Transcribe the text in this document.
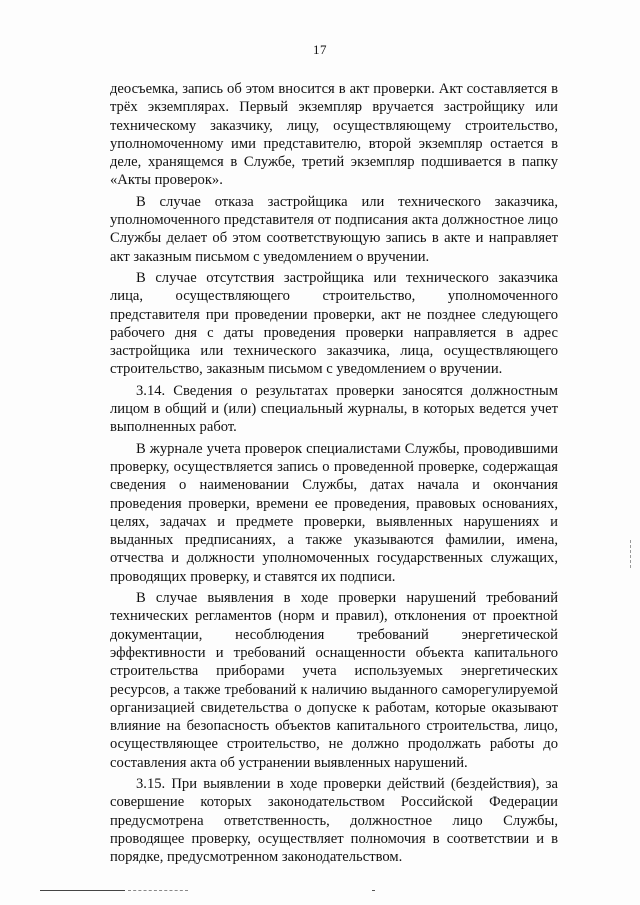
17

деосъемка, запись об этом вносится в акт проверки. Акт составляется в трёх экземплярах. Первый экземпляр вручается застройщику или техническому заказчику, лицу, осуществляющему строительство, уполномоченному ими представителю, второй экземпляр остается в деле, хранящемся в Службе, третий экземпляр подшивается в папку «Акты проверок».

В случае отказа застройщика или технического заказчика, уполномоченного представителя от подписания акта должностное лицо Службы делает об этом соответствующую запись в акте и направляет акт заказным письмом с уведомлением о вручении.

В случае отсутствия застройщика или технического заказчика лица, осуществляющего строительство, уполномоченного представителя при проведении проверки, акт не позднее следующего рабочего дня с даты проведения проверки направляется в адрес застройщика или технического заказчика, лица, осуществляющего строительство, заказным письмом с уведомлением о вручении.

3.14. Сведения о результатах проверки заносятся должностным лицом в общий и (или) специальный журналы, в которых ведется учет выполненных работ.

В журнале учета проверок специалистами Службы, проводившими проверку, осуществляется запись о проведенной проверке, содержащая сведения о наименовании Службы, датах начала и окончания проведения проверки, времени ее проведения, правовых основаниях, целях, задачах и предмете проверки, выявленных нарушениях и выданных предписаниях, а также указываются фамилии, имена, отчества и должности уполномоченных государственных служащих, проводящих проверку, и ставятся их подписи.

В случае выявления в ходе проверки нарушений требований технических регламентов (норм и правил), отклонения от проектной документации, несоблюдения требований энергетической эффективности и требований оснащенности объекта капитального строительства приборами учета используемых энергетических ресурсов, а также требований к наличию выданного саморегулируемой организацией свидетельства о допуске к работам, которые оказывают влияние на безопасность объектов капитального строительства, лицо, осуществляющее строительство, не должно продолжать работы до составления акта об устранении выявленных нарушений.

3.15. При выявлении в ходе проверки действий (бездействия), за совершение которых законодательством Российской Федерации предусмотрена ответственность, должностное лицо Службы, проводящее проверку, осуществляет полномочия в соответствии и в порядке, предусмотренном законодательством.
